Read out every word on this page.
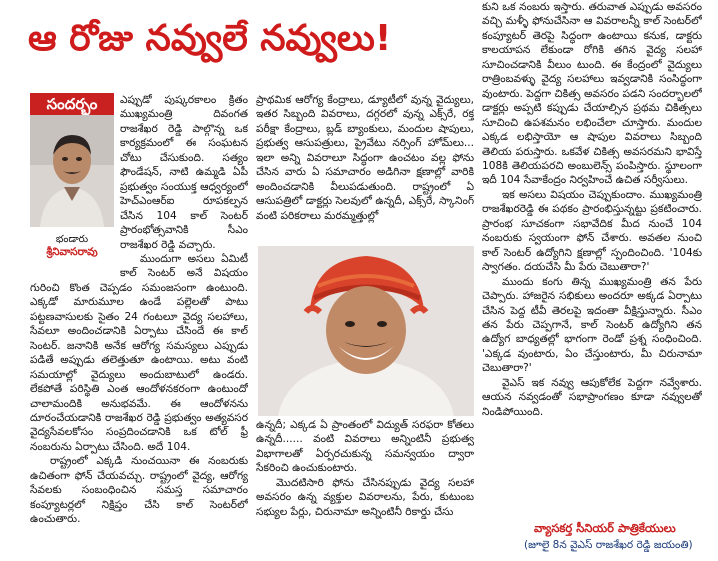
ఆ రోజు నవ్వులే నవ్వులు!
సందర్భం
భండారు
శ్రీనివాసరావు

ఎప్పుడో పుష్కరకాలం క్రితం ముఖ్యమంత్రి దివంగత రాజశేఖర రెడ్డి పాల్గొన్న ఒక కార్యక్రమంలో ఈ సంఘటన చోటు చేసుకుంది. సత్యం ఫౌండేషన్, నాటి ఉమ్మడి ఏపీ ప్రభుత్వం సంయుక్త ఆధ్వర్యంలో హెచ్‌ఎంఆర్‌ఐ రూపకల్పన చేసిన 104 కాల్ సెంటర్ ప్రారంభోత్సవానికి సీఎం రాజశేఖర రెడ్డి వచ్చారు.

ముందుగా అసలు ఏమిటీ కాల్ సెంటర్ అనే విషయం గురించి కొంత చెప్పడం సమంజసంగా ఉంటుంది. ఎక్కడో మారుమూల ఉండే పల్లెలతో పాటు పట్టణవాసులకు సైతం 24 గంటలూ వైద్య సలహాలు, సేవలూ అందించడానికి ఏర్పాటు చేసిందే ఈ కాల్ సెంటర్. జనానికి అనేక ఆరోగ్య సమస్యలు ఎప్పుడు పడితే అప్పుడు తలెత్తుతూ ఉంటాయి. అటు వంటి సమయాల్లో వైద్యులు అందుబాటులో ఉండరు. లేకపోతే పరిస్థితి ఎంత ఆందోళనకరంగా ఉంటుందో చాలామందికి అనుభవమే. ఈ ఆందోళనను దూరంచేయడానికి రాజశేఖర రెడ్డి ప్రభుత్వం అత్యవసర వైద్యసేవలకోసం సంప్రదించడానికి ఒక టోల్ ఫ్రీ నంబరును ఏర్పాటు చేసింది. అదే 104.

రాష్ట్రంలో ఎక్కడి నుంచయినా ఈ నంబరుకు ఉచితంగా ఫోన్ చేయవచ్చు. రాష్ట్రంలో వైద్య, ఆరోగ్య సేవలకు సంబంధించిన సమస్త సమాచారం కంప్యూటర్లలో నిక్షిప్తం చేసి కాల్ సెంటర్‌లో ఉంచుతారు.

ప్రాథమిక ఆరోగ్య కేంద్రాలు, డ్యూటీలో వున్న వైద్యులు, ఇతర సిబ్బంది వివరాలు, దగ్గరలో వున్న ఎక్స్‌రే, రక్త పరీక్షా కేంద్రాలు, బ్లడ్ బ్యాంకులు, మందుల షాపులు, ప్రభుత్వ ఆసుపత్రులు, ప్రైవేటు నర్సింగ్ హోమ్‌లు... ఇలా అన్ని వివరాలూ సిద్ధంగా ఉంచటం వల్ల ఫోను చేసిన వారు ఏ సమాచారం అడిగినా క్షణాల్లో వారికి అందించడానికి వీలుపడుతుంది. రాష్ట్రంలో ఏ ఆసుపత్రిలో డాక్టర్లు సెలవులో ఉన్నదీ, ఎక్స్‌రే, స్కానింగ్ వంటి పరికరాలు మరమ్మత్తుల్లో

ఉన్నదీ; ఎక్కడ ఏ ప్రాంతంలో విద్యుత్ సరఫరా కోతలు ఉన్నదీ...... వంటి వివరాలు అన్నింటినీ ప్రభుత్వ విభాగాలతో ఏర్పరచుకున్న సమన్వయం ద్వారా సేకరించి ఉంచుకుంటారు.

మొదటిసారి ఫోను చేసినప్పుడు వైద్య సలహా అవసరం ఉన్న వ్యక్తుల వివరాలను, పేరు, కుటుంబ సభ్యుల పేర్లు, చిరునామా అన్నింటినీ రికార్డు చేసు

కుని ఒక నంబరు ఇస్తారు. తరువాత ఎప్పుడు అవసరం వచ్చి మళ్ళీ ఫోనుచేసినా ఆ వివరాలన్నీ కాల్ సెంటర్‌లో కంప్యూటర్ తెరపై సిద్ధంగా ఉంటాయి కనుక, డాక్టరు కాలయాపన లేకుండా రోగికి తగిన వైద్య సలహా సూచించడానికి వీలుం టుంది. ఈ కేంద్రంలో వైద్యులు రాత్రింబవళ్ళు వైద్య సలహాలు ఇవ్వడానికి సంసిద్ధంగా వుంటారు. పెద్దగా చికిత్స అవసరం పడని సందర్భాలలో డాక్టర్లు అప్పటి కప్పుడు చేయాల్సిన ప్రథమ చికిత్సలు సూచించి ఉపశమనం లభించేలా చూస్తారు. మందుల ఎక్కడ లభిస్తాయో ఆ షాపుల వివరాలు సిబ్బంది తెలియ పరుస్తారు. ఒకవేళ చికిత్స అవసరమని భావిస్తే 108కి తెలియపరచి అంబులెన్స్ పంపిస్తారు. స్థూలంగా ఇదీ 104 సేవాకేంద్రం నిర్వహించే ఉచిత సర్వీసులు.

ఇక అసలు విషయం చెప్పుకుందాం. ముఖ్యమంత్రి రాజశేఖరరెడ్డి ఈ పథకం ప్రారంభిస్తున్నట్టు ప్రకటించారు. ప్రారంభ సూచకంగా సభావేదిక మీద నుంచే 104 నంబరుకు స్వయంగా ఫోన్ చేశారు. అవతల నుంచి కాల్ సెంటర్ ఉద్యోగిని క్షణాల్లో స్పందించింది. '104కు స్వాగతం. దయచేసి మీ పేరు చెబుతారా?'

ముందు కంగు తిన్న ముఖ్యమంత్రి తన పేరు చెప్పారు. హాజరైన సభికులు అందరూ అక్కడ ఏర్పాటు చేసిన పెద్ద టీవీ తెరలపై ఇదంతా వీక్షిస్తున్నారు. సీఎం తన పేరు చెప్పగానే, కాల్ సెంటర్ ఉద్యోగిని తన ఉద్యోగ బాధ్యతల్లో భాగంగా రెండో ప్రశ్న సంధించింది. 'ఎక్కడ వుంటారు, ఏం చేస్తుంటారు, మీ చిరునామా చెబుతారా?'

వైఎస్ ఇక నవ్వు ఆపుకోలేక పెద్దగా నవ్వేశారు. ఆయన నవ్వడంతో సభాప్రాంగణం కూడా నవ్వులతో నిండిపోయింది.

వ్యాసకర్త సీనియర్ పాత్రికేయులు
(జూలై 8న వైఎస్ రాజశేఖర రెడ్డి జయంతి)
